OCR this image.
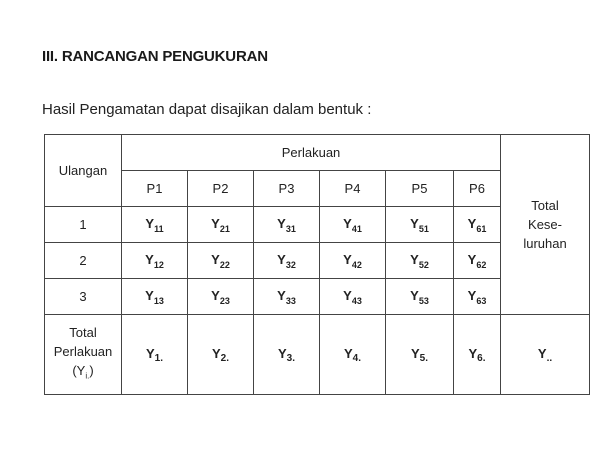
III. RANCANGAN PENGUKURAN
Hasil Pengamatan dapat disajikan dalam bentuk :
Ulangan	Perlakuan						Total
Kese-
luruhan

	P1	P2	P3	P4	P5	P6	
1	$Y_{11}$	$Y_{21}$	$Y_{31}$	$Y_{41}$	$Y_{51}$	$Y_{61}$
2	$Y_{12}$	$Y_{22}$	$Y_{32}$	$Y_{42}$	$Y_{52}$	$Y_{62}$
3	$Y_{13}$	$Y_{23}$	$Y_{33}$	$Y_{43}$	$Y_{53}$	$Y_{63}$

Total
Perlakuan
$(Y_{i.})$	$Y_{1.}$	$Y_{2.}$	$Y_{3.}$	$Y_{4.}$	$Y_{5.}$	$Y_{6.}$	$Y_{..}$
